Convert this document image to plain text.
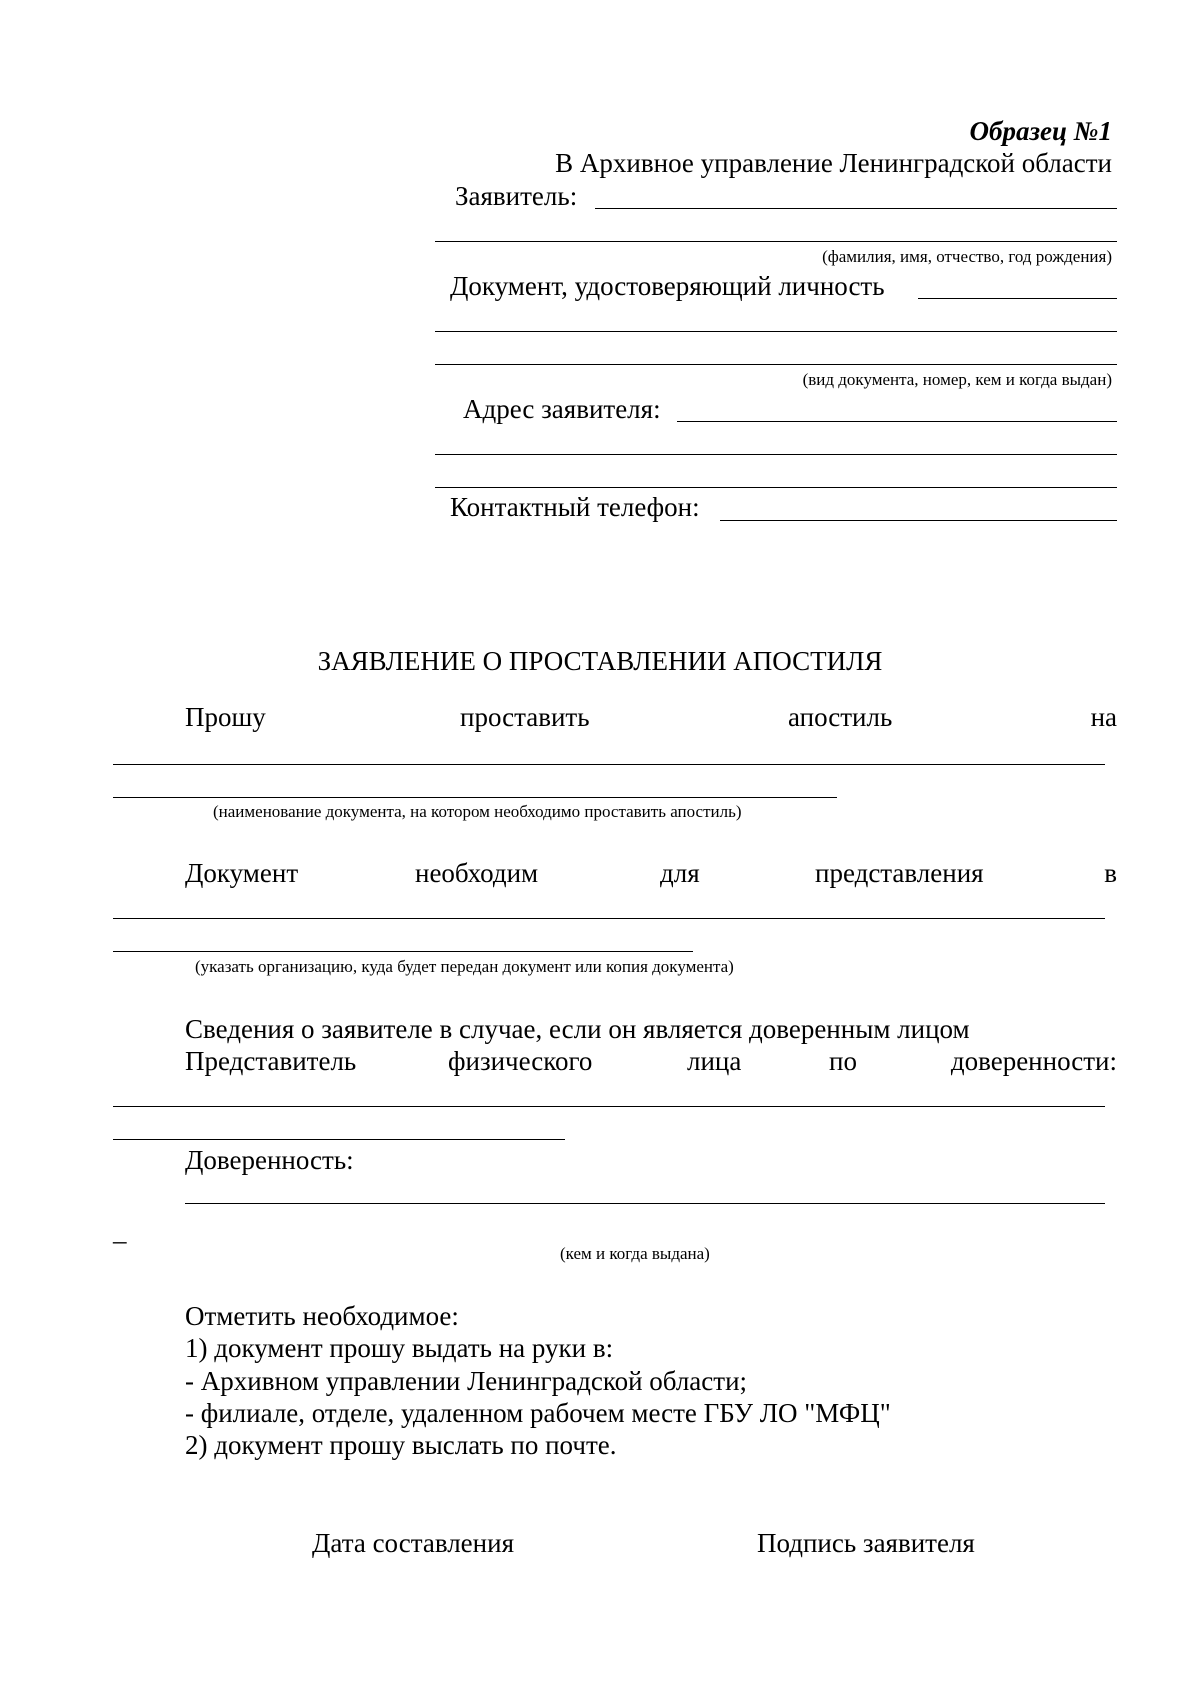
Образец №1
В Архивное управление Ленинградской области
Заявитель:
(фамилия, имя, отчество, год рождения)
Документ, удостоверяющий личность
(вид документа, номер, кем и когда выдан)
Адрес заявителя:
Контактный телефон:
ЗАЯВЛЕНИЕ О ПРОСТАВЛЕНИИ АПОСТИЛЯ
Прошу	проставить	апостиль	на
(наименование документа, на котором необходимо проставить апостиль)
Документ	необходим	для	представления	в
(указать организацию, куда будет передан документ или копия документа)
Сведения о заявителе в случае, если он является доверенным лицом
Представитель	физического	лица	по	доверенности:
Доверенность:
_
(кем и когда выдана)
Отметить необходимое:
1) документ прошу выдать на руки в:
- Архивном управлении Ленинградской области;
- филиале, отделе, удаленном рабочем месте ГБУ ЛО "МФЦ"
2) документ прошу выслать по почте.
Дата составления	Подпись заявителя
